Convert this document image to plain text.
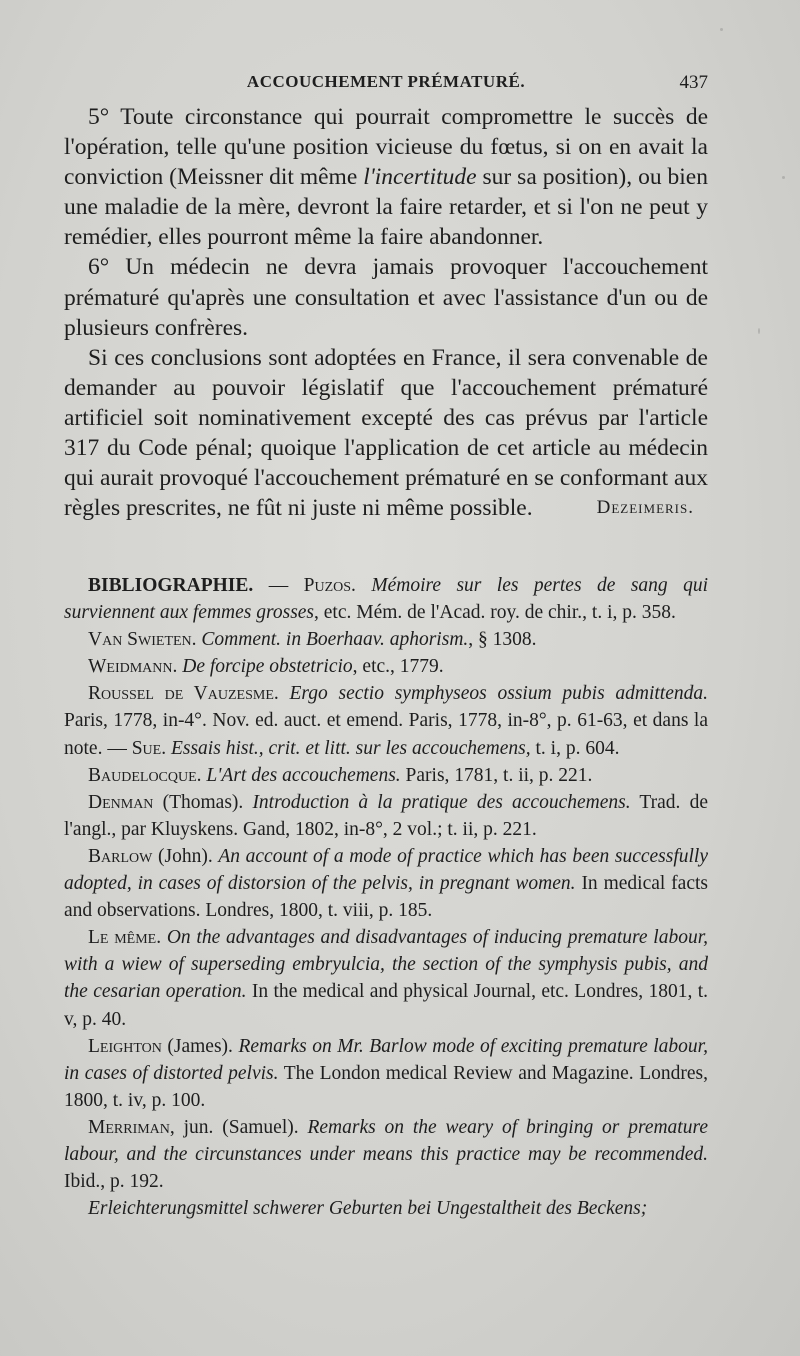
ACCOUCHEMENT PRÉMATURÉ.	437

5° Toute circonstance qui pourrait compromettre le succès de l'opération, telle qu'une position vicieuse du fœtus, si on en avait la conviction (Meissner dit même l'incertitude sur sa position), ou bien une maladie de la mère, devront la faire retarder, et si l'on ne peut y remédier, elles pourront même la faire abandonner.

6° Un médecin ne devra jamais provoquer l'accouchement prématuré qu'après une consultation et avec l'assistance d'un ou de plusieurs confrères.

Si ces conclusions sont adoptées en France, il sera convenable de demander au pouvoir législatif que l'accouchement prématuré artificiel soit nominativement excepté des cas prévus par l'article 317 du Code pénal; quoique l'application de cet article au médecin qui aurait provoqué l'accouchement prématuré en se conformant aux règles prescrites, ne fût ni juste ni même possible.	Dezeimeris.

BIBLIOGRAPHIE. — Puzos. Mémoire sur les pertes de sang qui surviennent aux femmes grosses, etc. Mém. de l'Acad. roy. de chir., t. i, p. 358.

Van Swieten. Comment. in Boerhaav. aphorism., § 1308.

Weidmann. De forcipe obstetricio, etc., 1779.

Roussel de Vauzesme. Ergo sectio symphyseos ossium pubis admittenda. Paris, 1778, in-4°. Nov. ed. auct. et emend. Paris, 1778, in-8°, p. 61-63, et dans la note. — Sue. Essais hist., crit. et litt. sur les accouchemens, t. i, p. 604.

Baudelocque. L'Art des accouchemens. Paris, 1781, t. ii, p. 221.

Denman (Thomas). Introduction à la pratique des accouchemens. Trad. de l'angl., par Kluyskens. Gand, 1802, in-8°, 2 vol.; t. ii, p. 221.

Barlow (John). An account of a mode of practice which has been successfully adopted, in cases of distorsion of the pelvis, in pregnant women. In medical facts and observations. Londres, 1800, t. viii, p. 185.

Le même. On the advantages and disadvantages of inducing premature labour, with a wiew of superseding embryulcia, the section of the symphysis pubis, and the cesarian operation. In the medical and physical Journal, etc. Londres, 1801, t. v, p. 40.

Leighton (James). Remarks on Mr. Barlow mode of exciting premature labour, in cases of distorted pelvis. The London medical Review and Magazine. Londres, 1800, t. iv, p. 100.

Merriman, jun. (Samuel). Remarks on the weary of bringing or premature labour, and the circunstances under means this practice may be recommended. Ibid., p. 192.

Erleichterungsmittel schwerer Geburten bei Ungestaltheit des Beckens;
